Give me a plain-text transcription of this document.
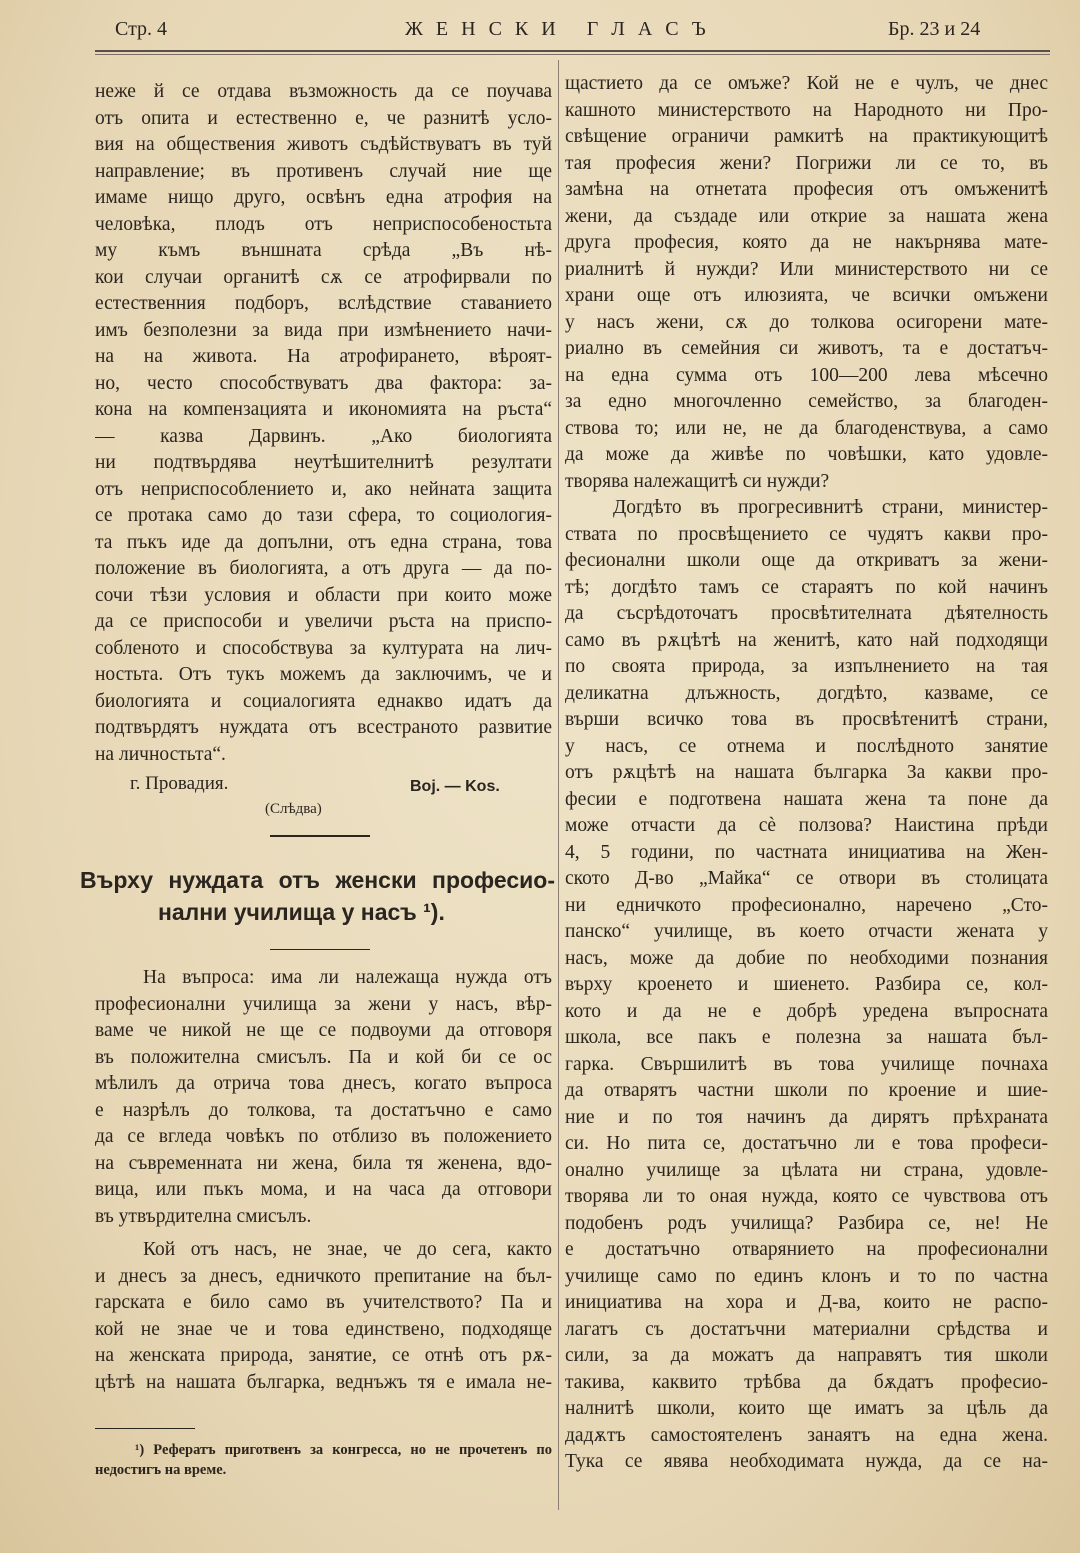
Стр. 4	Ж Е Н С К И   Г Л А С Ъ	Бр. 23 и 24
неже й се отдава възможность да се поучава
отъ опита и естественно е, че разнитѣ усло-
вия на обществения животъ съдѣйствуватъ въ туй
направление; въ противенъ случай ние ще
имаме нищо друго, освѣнъ една атрофия на
человѣка, плодъ отъ неприспособеностьта
му къмъ външната срѣда „Въ нѣ-
кои случаи органитѣ сѫ се атрофирвали по
естественния подборъ, вслѣдствие ставанието
имъ безполезни за вида при измѣнението начи-
на на живота. На атрофирането, вѣроят-
но, често способствуватъ два фактора: за-
кона на компензацията и икономията на ръста“
— казва Дарвинъ. „Ако биологията
ни подтвърдява неутѣшителнитѣ резултати
отъ неприспособлението и, ако нейната защита
се протака само до тази сфера, то социология-
та пъкъ иде да допълни, отъ една страна, това
положение въ биологията, а отъ друга — да по-
сочи тѣзи условия и области при които може
да се приспособи и увеличи ръста на приспо-
собленото и способствува за културата на лич-
ностьта. Отъ тукъ можемъ да заключимъ, че и
биологията и социалогията еднакво идатъ да
подтвърдятъ нуждата отъ всестраното развитие
на личностьта“.
г. Провадия.	Boj. — Kos.
(Слѣдва)
Върху нуждата отъ женски професио-
нални училища у насъ ¹).
На въпроса: има ли належаща нужда отъ
професионални училища за жени у насъ, вѣр-
ваме че никой не ще се подвоуми да отговоря
въ положителна смисълъ. Па и кой би се ос
мѣлилъ да отрича това днесъ, когато въпроса
е назрѣлъ до толкова, та достатъчно е само
да се вгледа човѣкъ по отблизо въ положението
на съвременната ни жена, била тя женена, вдо-
вица, или пъкъ мома, и на часа да отговори
въ утвърдителна смисълъ.
Кой отъ насъ, не знае, че до сега, както
и днесъ за днесъ, едничкото препитание на бъл-
гарската е било само въ учителството? Па и
кой не знае че и това единствено, подходяще
на женската природа, занятие, се отнѣ отъ рѫ-
цѣтѣ на нашата българка, веднъжъ тя е имала не-
¹) Рефератъ приготвенъ за конгресса, но не прочетенъ по недостигъ на време.
щастието да се омъже? Кой не е чулъ, че днес
кашното министерството на Народното ни Про-
свѣщение ограничи рамкитѣ на практикующитѣ
тая професия жени? Погрижи ли се то, въ
замѣна на отнетата професия отъ омъженитѣ
жени, да създаде или открие за нашата жена
друга професия, която да не накърнява мате-
риалнитѣ й нужди? Или министерството ни се
храни още отъ илюзията, че всички омъжени
у насъ жени, сѫ до толкова осигорени мате-
риално въ семейния си животъ, та е достатъч-
на една сумма отъ 100—200 лева мѣсечно
за едно многочленно семейство, за благоден-
ствова то; или не, не да благоденствува, а само
да може да живѣе по човѣшки, като удовле-
творява належащитѣ си нужди?
Догдѣто въ прогресивнитѣ страни, министер-
ствата по просвѣщението се чудятъ какви про-
фесионални школи още да откриватъ за жени-
тѣ; догдѣто тамъ се стараятъ по кой начинъ
да съсрѣдоточатъ просвѣтителната дѣятелность
само въ рѫцѣтѣ на женитѣ, като най подходящи
по своята природа, за изпълнението на тая
деликатна длъжность, догдѣто, казваме, се
върши всичко това въ просвѣтенитѣ страни,
у насъ, се отнема и послѣдното занятие
отъ рѫцѣтѣ на нашата българка За какви про-
фесии е подготвена нашата жена та поне да
може отчасти да сѐ ползова? Наистина прѣди
4, 5 години, по частната инициатива на Жен-
ското Д-во „Майка“ се отвори въ столицата
ни едничкото професионално, наречено „Сто-
панско“ училище, въ което отчасти жената у
насъ, може да добие по необходими познания
върху кроенето и шиенето. Разбира се, кол-
кото и да не е добрѣ уредена въпросната
школа, все пакъ е полезна за нашата бъл-
гарка. Свършилитѣ въ това училище почнаха
да отварятъ частни школи по кроение и шие-
ние и по тоя начинъ да дирятъ прѣхраната
си. Но пита се, достатъчно ли е това професи-
онално училище за цѣлата ни страна, удовле-
творява ли то оная нужда, която се чувствова отъ
подобенъ родъ училища? Разбира се, не! Не
е достатъчно отварянието на професионални
училище само по единъ клонъ и то по частна
инициатива на хора и Д-ва, които не распо-
лагатъ съ достатъчни материални срѣдства и
сили, за да можатъ да направятъ тия школи
такива, каквито трѣбва да бѫдатъ професио-
налнитѣ школи, които ще иматъ за цѣль да
дадѫтъ самостоятеленъ занаятъ на една жена.
Тука се явява необходимата нужда, да се на-
